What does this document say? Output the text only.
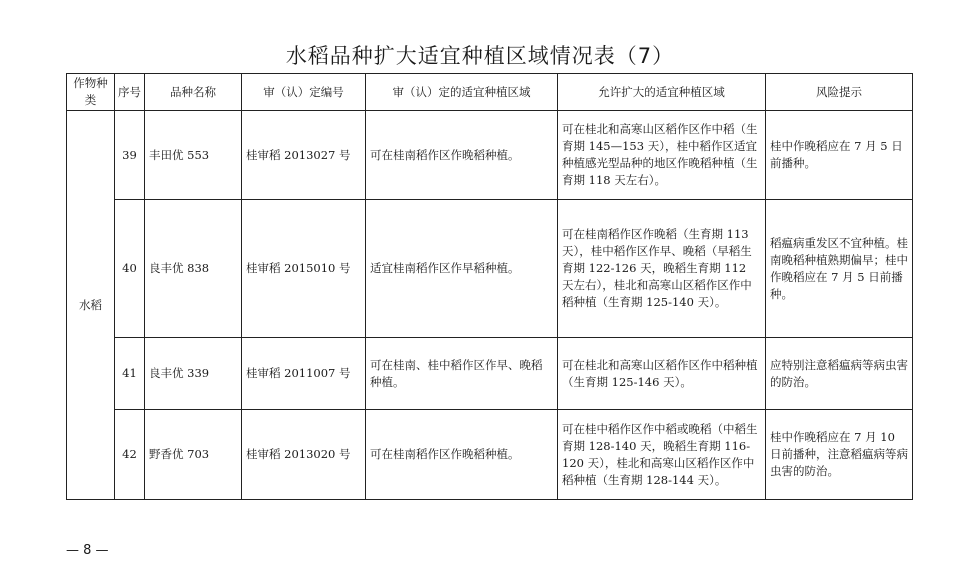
水稻品种扩大适宜种植区域情况表（7）
作物种类	序号	品种名称	审（认）定编号	审（认）定的适宜种植区域	允许扩大的适宜种植区域	风险提示
水稻	39	丰田优 553	桂审稻 2013027 号	可在桂南稻作区作晚稻种植。	可在桂北和高寒山区稻作区作中稻（生育期 145—153 天），桂中稻作区适宜种植感光型品种的地区作晚稻种植（生育期 118 天左右）。	桂中作晚稻应在 7 月 5 日前播种。
	40	良丰优 838	桂审稻 2015010 号	适宜桂南稻作区作早稻种植。	可在桂南稻作区作晚稻（生育期 113 天），桂中稻作区作早、晚稻（早稻生育期 122-126 天，晚稻生育期 112 天左右），桂北和高寒山区稻作区作中稻种植（生育期 125-140 天）。	稻瘟病重发区不宜种植。桂南晚稻种植熟期偏早；桂中作晚稻应在 7 月 5 日前播种。
	41	良丰优 339	桂审稻 2011007 号	可在桂南、桂中稻作区作早、晚稻种植。	可在桂北和高寒山区稻作区作中稻种植（生育期 125-146 天）。	应特别注意稻瘟病等病虫害的防治。
	42	野香优 703	桂审稻 2013020 号	可在桂南稻作区作晚稻种植。	可在桂中稻作区作中稻或晚稻（中稻生育期 128-140 天，晚稻生育期 116-120 天），桂北和高寒山区稻作区作中稻种植（生育期 128-144 天）。	桂中作晚稻应在 7 月 10 日前播种，注意稻瘟病等病虫害的防治。
— 8 —
